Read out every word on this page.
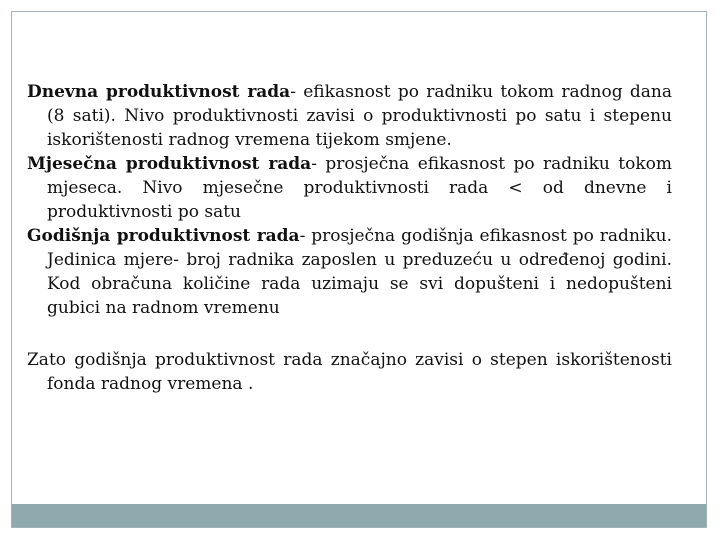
Dnevna produktivnost rada- efikasnost po radniku tokom radnog dana (8 sati). Nivo produktivnosti zavisi o produktivnosti po satu i stepenu iskorištenosti radnog vremena tijekom smjene.

Mjesečna produktivnost rada- prosječna efikasnost po radniku tokom mjeseca. Nivo mjesečne produktivnosti rada < od dnevne i produktivnosti po satu

Godišnja produktivnost rada- prosječna godišnja efikasnost po radniku. Jedinica mjere- broj radnika zaposlen u preduzeću u određenoj godini. Kod obračuna količine rada uzimaju se svi dopušteni i nedopušteni gubici na radnom vremenu

Zato godišnja produktivnost rada značajno zavisi o stepen iskorištenosti fonda radnog vremena .
